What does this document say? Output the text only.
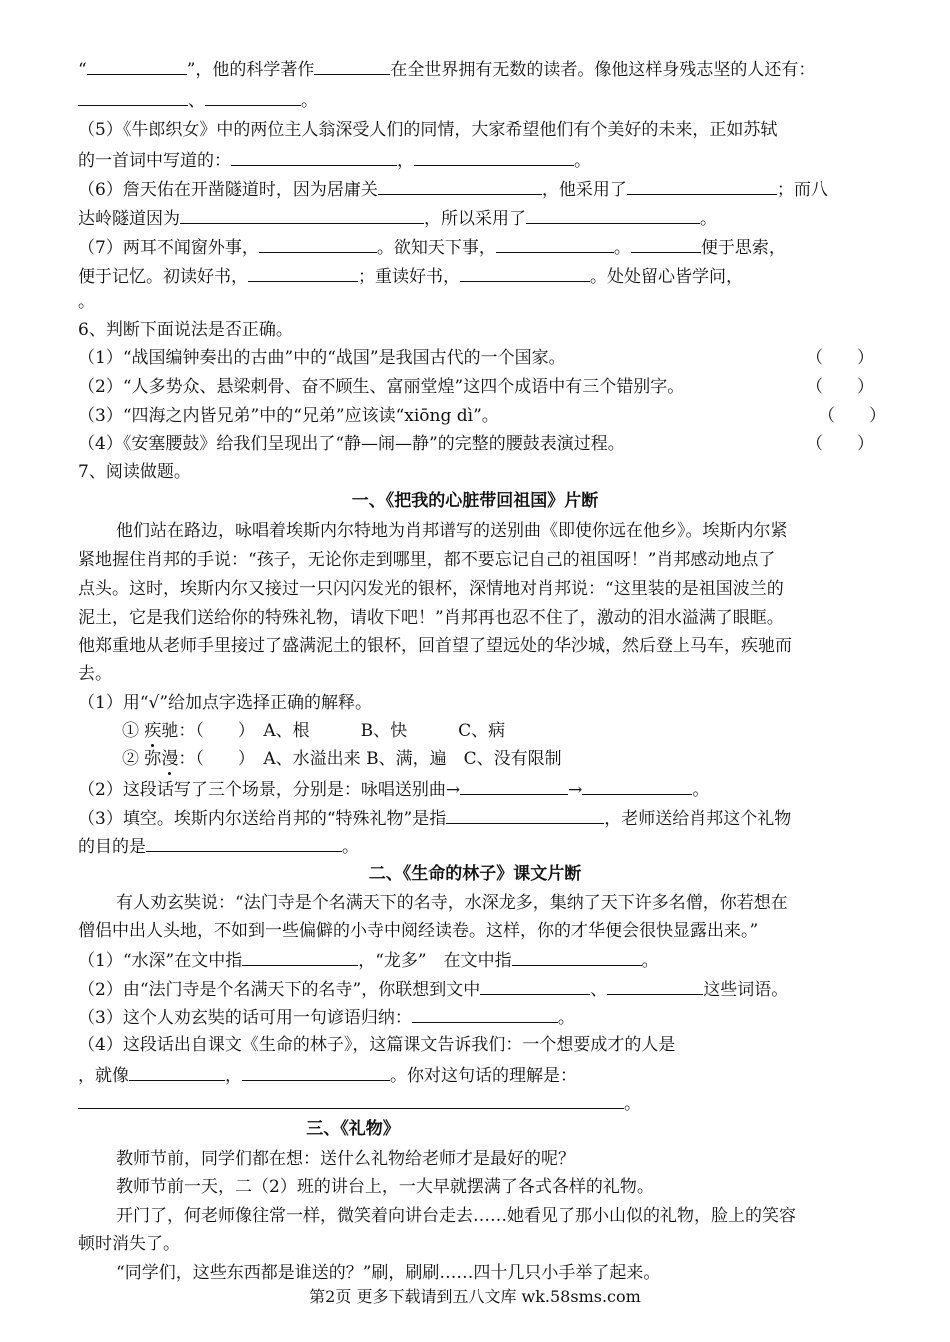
“	”，他的科学著作	在全世界拥有无数的读者。像他这样身残志坚的人还有：
、	。
（5）《牛郎织女》中的两位主人翁深受人们的同情，大家希望他们有个美好的未来，正如苏轼
的一首词中写道的：	，	。
（6）詹天佑在开凿隧道时，因为居庸关	，他采用了	；而八
达岭隧道因为	，所以采用了	。
（7）两耳不闻窗外事，	。欲知天下事，	。	便于思索，
便于记忆。初读好书，	；重读好书，	。处处留心皆学问，
。
6、判断下面说法是否正确。
（1）“战国编钟奏出的古曲”中的“战国”是我国古代的一个国家。	（　　）
（2）“人多势众、悬梁刺骨、奋不顾生、富丽堂煌”这四个成语中有三个错别字。	（　　）
（3）“四海之内皆兄弟”中的“兄弟”应该读“xiōng dì”。	（　　）
（4）《安塞腰鼓》给我们呈现出了“静—闹—静”的完整的腰鼓表演过程。	（　　）
7、阅读做题。
一、《把我的心脏带回祖国》片断
他们站在路边，咏唱着埃斯内尔特地为肖邦谱写的送别曲《即使你远在他乡》。埃斯内尔紧
紧地握住肖邦的手说：“孩子，无论你走到哪里，都不要忘记自己的祖国呀！”肖邦感动地点了
点头。这时，埃斯内尔又接过一只闪闪发光的银杯，深情地对肖邦说：“这里装的是祖国波兰的
泥土，它是我们送给你的特殊礼物，请收下吧！”肖邦再也忍不住了，激动的泪水溢满了眼眶。
他郑重地从老师手里接过了盛满泥土的银杯，回首望了望远处的华沙城，然后登上马车，疾驰而
去。
（1）用“√”给加点字选择正确的解释。
① 疾驰：（　　）　A、根　　　B、快　　　C、病
② 弥漫：（　　）　A、水溢出来 B、满，遍　C、没有限制
（2）这段话写了三个场景，分别是：咏唱送别曲→	→	。
（3）填空。埃斯内尔送给肖邦的“特殊礼物”是指	，老师送给肖邦这个礼物
的目的是	。
二、《生命的林子》课文片断
有人劝玄奘说：“法门寺是个名满天下的名寺，水深龙多，集纳了天下许多名僧，你若想在
僧侣中出人头地，不如到一些偏僻的小寺中阅经读卷。这样，你的才华便会很快显露出来。”
（1）“水深”在文中指	，“龙多”　在文中指	。
（2）由“法门寺是个名满天下的名寺”，你联想到文中	、	这些词语。
（3）这个人劝玄奘的话可用一句谚语归纳：	。
（4）这段话出自课文《生命的林子》，这篇课文告诉我们：一个想要成才的人是
，就像	，	。你对这句话的理解是：
。
三、《礼物》
教师节前，同学们都在想：送什么礼物给老师才是最好的呢？
教师节前一天，二（2）班的讲台上，一大早就摆满了各式各样的礼物。
开门了，何老师像往常一样，微笑着向讲台走去……她看见了那小山似的礼物，脸上的笑容
顿时消失了。
“同学们，这些东西都是谁送的？”刷，刷刷……四十几只小手举了起来。
第2页 更多下载请到五八文库 wk.58sms.com
